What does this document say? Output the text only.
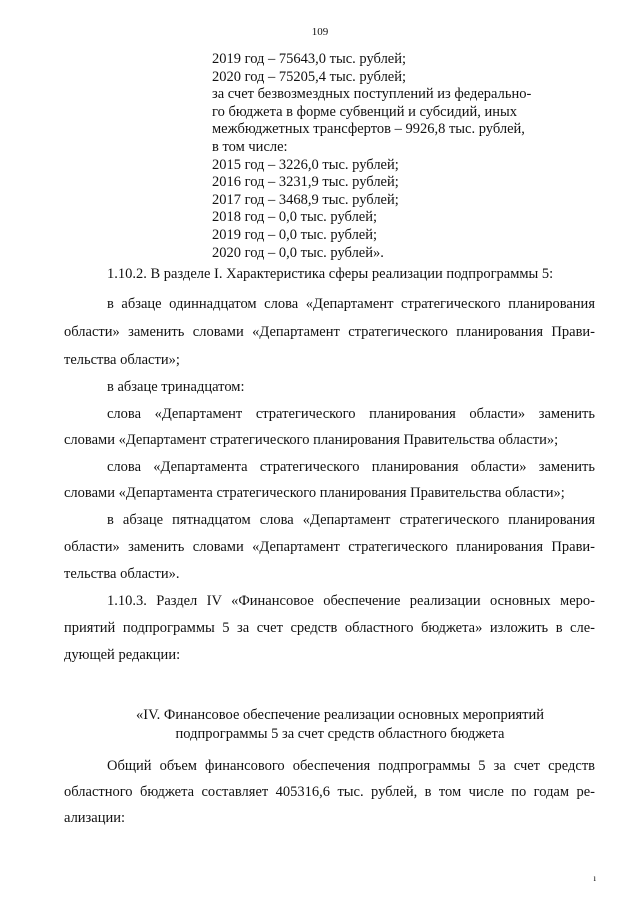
109
2019 год – 75643,0 тыс. рублей;
2020 год – 75205,4 тыс. рублей;
за счет безвозмездных поступлений из федерально-
го бюджета в форме субвенций и субсидий, иных
межбюджетных трансфертов – 9926,8 тыс. рублей,
в том числе:
2015 год – 3226,0 тыс. рублей;
2016 год – 3231,9 тыс. рублей;
2017 год – 3468,9 тыс. рублей;
2018 год – 0,0 тыс. рублей;
2019 год – 0,0 тыс. рублей;
2020 год – 0,0 тыс. рублей».
1.10.2. В разделе I. Характеристика сферы реализации подпрограммы 5:
в абзаце одиннадцатом слова «Департамент стратегического планирования
области» заменить словами «Департамент стратегического планирования Прави-
тельства области»;
в абзаце тринадцатом:
слова «Департамент стратегического планирования области» заменить
словами «Департамент стратегического планирования Правительства области»;
слова «Департамента стратегического планирования области» заменить
словами «Департамента стратегического планирования Правительства области»;
в абзаце пятнадцатом слова «Департамент стратегического планирования
области» заменить словами «Департамент стратегического планирования Прави-
тельства области».
1.10.3. Раздел IV «Финансовое обеспечение реализации основных меро-
приятий подпрограммы 5 за счет средств областного бюджета» изложить в сле-
дующей редакции:
«IV. Финансовое обеспечение реализации основных мероприятий
подпрограммы 5 за счет средств областного бюджета
Общий объем финансового обеспечения подпрограммы 5 за счет средств
областного бюджета составляет 405316,6 тыс. рублей, в том числе по годам ре-
ализации:
ı
